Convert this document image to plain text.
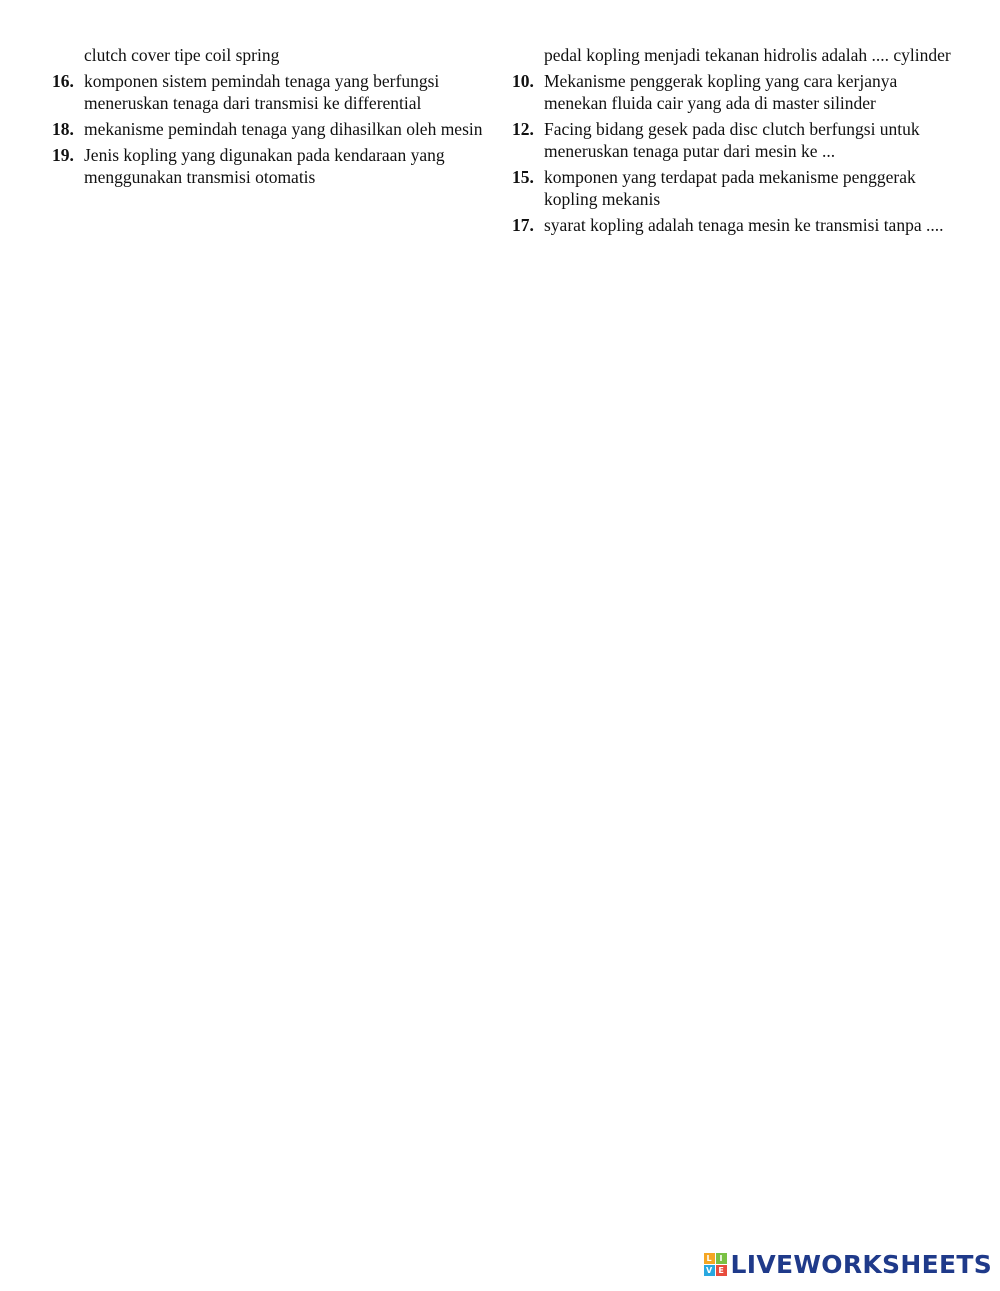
clutch cover tipe coil spring
16. komponen sistem pemindah tenaga yang berfungsi meneruskan tenaga dari transmisi ke differential
18. mekanisme pemindah tenaga yang dihasilkan oleh mesin
19. Jenis kopling yang digunakan pada kendaraan yang menggunakan transmisi otomatis
pedal kopling menjadi tekanan hidrolis adalah .... cylinder
10. Mekanisme penggerak kopling yang cara kerjanya menekan fluida cair yang ada di master silinder
12. Facing bidang gesek pada disc clutch berfungsi untuk meneruskan tenaga putar dari mesin ke ...
15. komponen yang terdapat pada mekanisme penggerak kopling mekanis
17. syarat kopling adalah tenaga mesin ke transmisi tanpa ....
L I
V E LIVEWORKSHEETS
